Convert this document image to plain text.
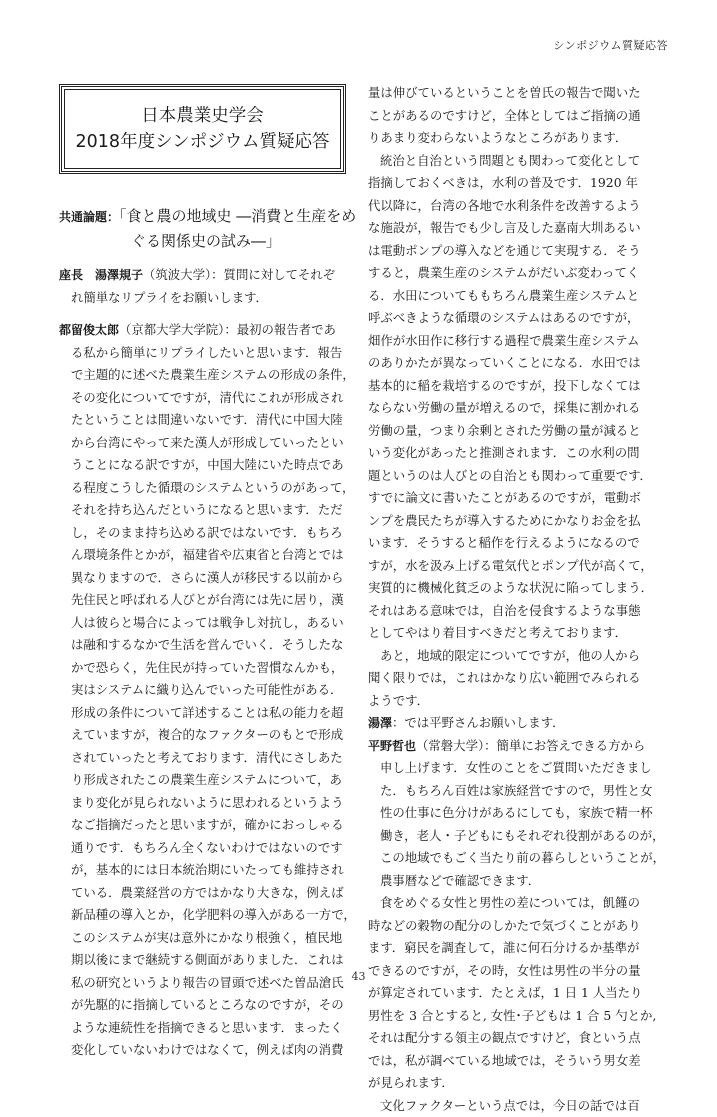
シンポジウム質疑応答
日本農業史学会
2018年度シンポジウム質疑応答
共通論題：「食と農の地域史 ―消費と生産をめ
ぐる関係史の試み―」
座長　湯澤規子（筑波大学）：質問に対してそれぞ
れ簡単なリプライをお願いします．
都留俊太郎（京都大学大学院）：最初の報告者であ
る私から簡単にリプライしたいと思います．報告
で主題的に述べた農業生産システムの形成の条件，
その変化についてですが，清代にこれが形成され
たということは間違いないです．清代に中国大陸
から台湾にやって来た漢人が形成していったとい
うことになる訳ですが，中国大陸にいた時点であ
る程度こうした循環のシステムというのがあって，
それを持ち込んだというになると思います．ただ
し，そのまま持ち込める訳ではないです．もちろ
ん環境条件とかが，福建省や広東省と台湾とでは
異なりますので．さらに漢人が移民する以前から
先住民と呼ばれる人びとが台湾には先に居り，漢
人は彼らと場合によっては戦争し対抗し，あるい
は融和するなかで生活を営んでいく．そうしたな
かで恐らく，先住民が持っていた習慣なんかも，
実はシステムに織り込んでいった可能性がある．
形成の条件について詳述することは私の能力を超
えていますが，複合的なファクターのもとで形成
されていったと考えております．清代にさしあた
り形成されたこの農業生産システムについて，あ
まり変化が見られないように思われるというよう
なご指摘だったと思いますが，確かにおっしゃる
通りです．もちろん全くないわけではないのです
が，基本的には日本統治期にいたっても維持され
ている．農業経営の方ではかなり大きな，例えば
新品種の導入とか，化学肥料の導入がある一方で，
このシステムが実は意外にかなり根強く，植民地
期以後にまで継続する側面がありました．これは
私の研究というより報告の冒頭で述べた曽品滄氏
が先駆的に指摘しているところなのですが，その
ような連続性を指摘できると思います．まったく
変化していないわけではなくて，例えば肉の消費
量は伸びているということを曽氏の報告で聞いた
ことがあるのですけど，全体としてはご指摘の通
りあまり変わらないようなところがあります．
統治と自治という問題とも関わって変化として
指摘しておくべきは，水利の普及です．1920 年
代以降に，台湾の各地で水利条件を改善するよう
な施設が，報告でも少し言及した嘉南大圳あるい
は電動ポンプの導入などを通じて実現する．そう
すると，農業生産のシステムがだいぶ変わってく
る．水田についてももちろん農業生産システムと
呼ぶべきような循環のシステムはあるのですが，
畑作が水田作に移行する過程で農業生産システム
のありかたが異なっていくことになる．水田では
基本的に稲を栽培するのですが，投下しなくては
ならない労働の量が増えるので，採集に割かれる
労働の量，つまり余剰とされた労働の量が減ると
いう変化があったと推測されます．この水利の問
題というのは人びとの自治とも関わって重要です．
すでに論文に書いたことがあるのですが，電動ボ
ンプを農民たちが導入するためにかなりお金を払
います．そうすると稲作を行えるようになるので
すが，水を汲み上げる電気代とポンプ代が高くて，
実質的に機械化貧乏のような状況に陥ってしまう．
それはある意味では，自治を侵食するような事態
としてやはり着目すべきだと考えております．
あと，地域的限定についてですが，他の人から
聞く限りでは，これはかなり広い範囲でみられる
ようです．
湯澤：では平野さんお願いします．
平野哲也（常磐大学）：簡単にお答えできる方から
申し上げます．女性のことをご質問いただきまし
た．もちろん百姓は家族経営ですので，男性と女
性の仕事に色分けがあるにしても，家族で精一杯
働き，老人・子どもにもそれぞれ役割があるのが，
この地域でもごく当たり前の暮らしということが，
農事暦などで確認できます．
食をめぐる女性と男性の差については，飢饉の
時などの穀物の配分のしかたで気づくことがあり
ます．窮民を調査して，誰に何石分けるか基準が
できるのですが，その時，女性は男性の半分の量
が算定されています．たとえば，1 日 1 人当たり
男性を 3 合とすると, 女性･子どもは 1 合 5 勺とか,
それは配分する領主の観点ですけど，食という点
では，私が調べている地域では，そういう男女差
が見られます．
文化ファクターという点では，今日の話では百
43
